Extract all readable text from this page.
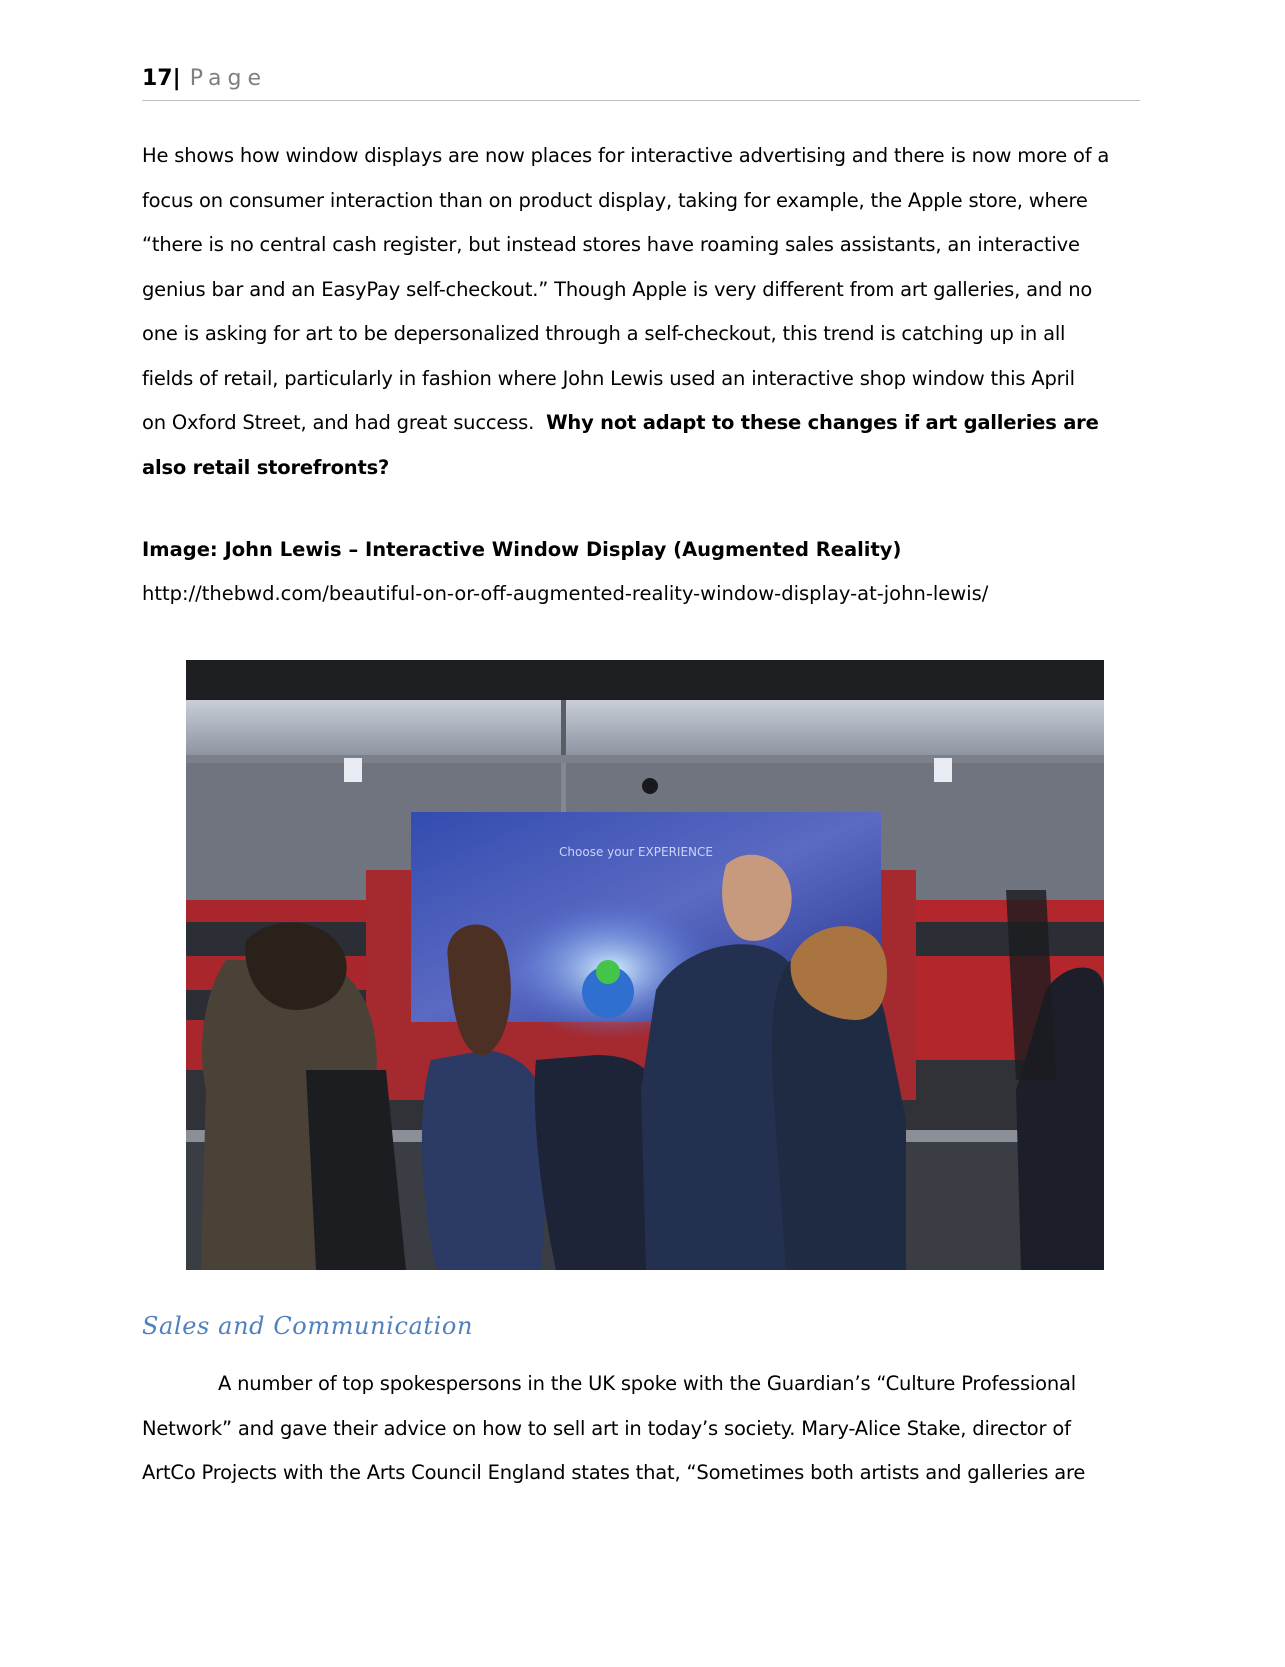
17| Page
He shows how window displays are now places for interactive advertising and there is now more of a
focus on consumer interaction than on product display, taking for example, the Apple store, where
“there is no central cash register, but instead stores have roaming sales assistants, an interactive
genius bar and an EasyPay self-checkout.” Though Apple is very different from art galleries, and no
one is asking for art to be depersonalized through a self-checkout, this trend is catching up in all
fields of retail, particularly in fashion where John Lewis used an interactive shop window this April
on Oxford Street, and had great success. Why not adapt to these changes if art galleries are
also retail storefronts?
Image: John Lewis – Interactive Window Display (Augmented Reality)
http://thebwd.com/beautiful-on-or-off-augmented-reality-window-display-at-john-lewis/
Choose your EXPERIENCE
Sales and Communication
A number of top spokespersons in the UK spoke with the Guardian’s “Culture Professional
Network” and gave their advice on how to sell art in today’s society. Mary-Alice Stake, director of
ArtCo Projects with the Arts Council England states that, “Sometimes both artists and galleries are
